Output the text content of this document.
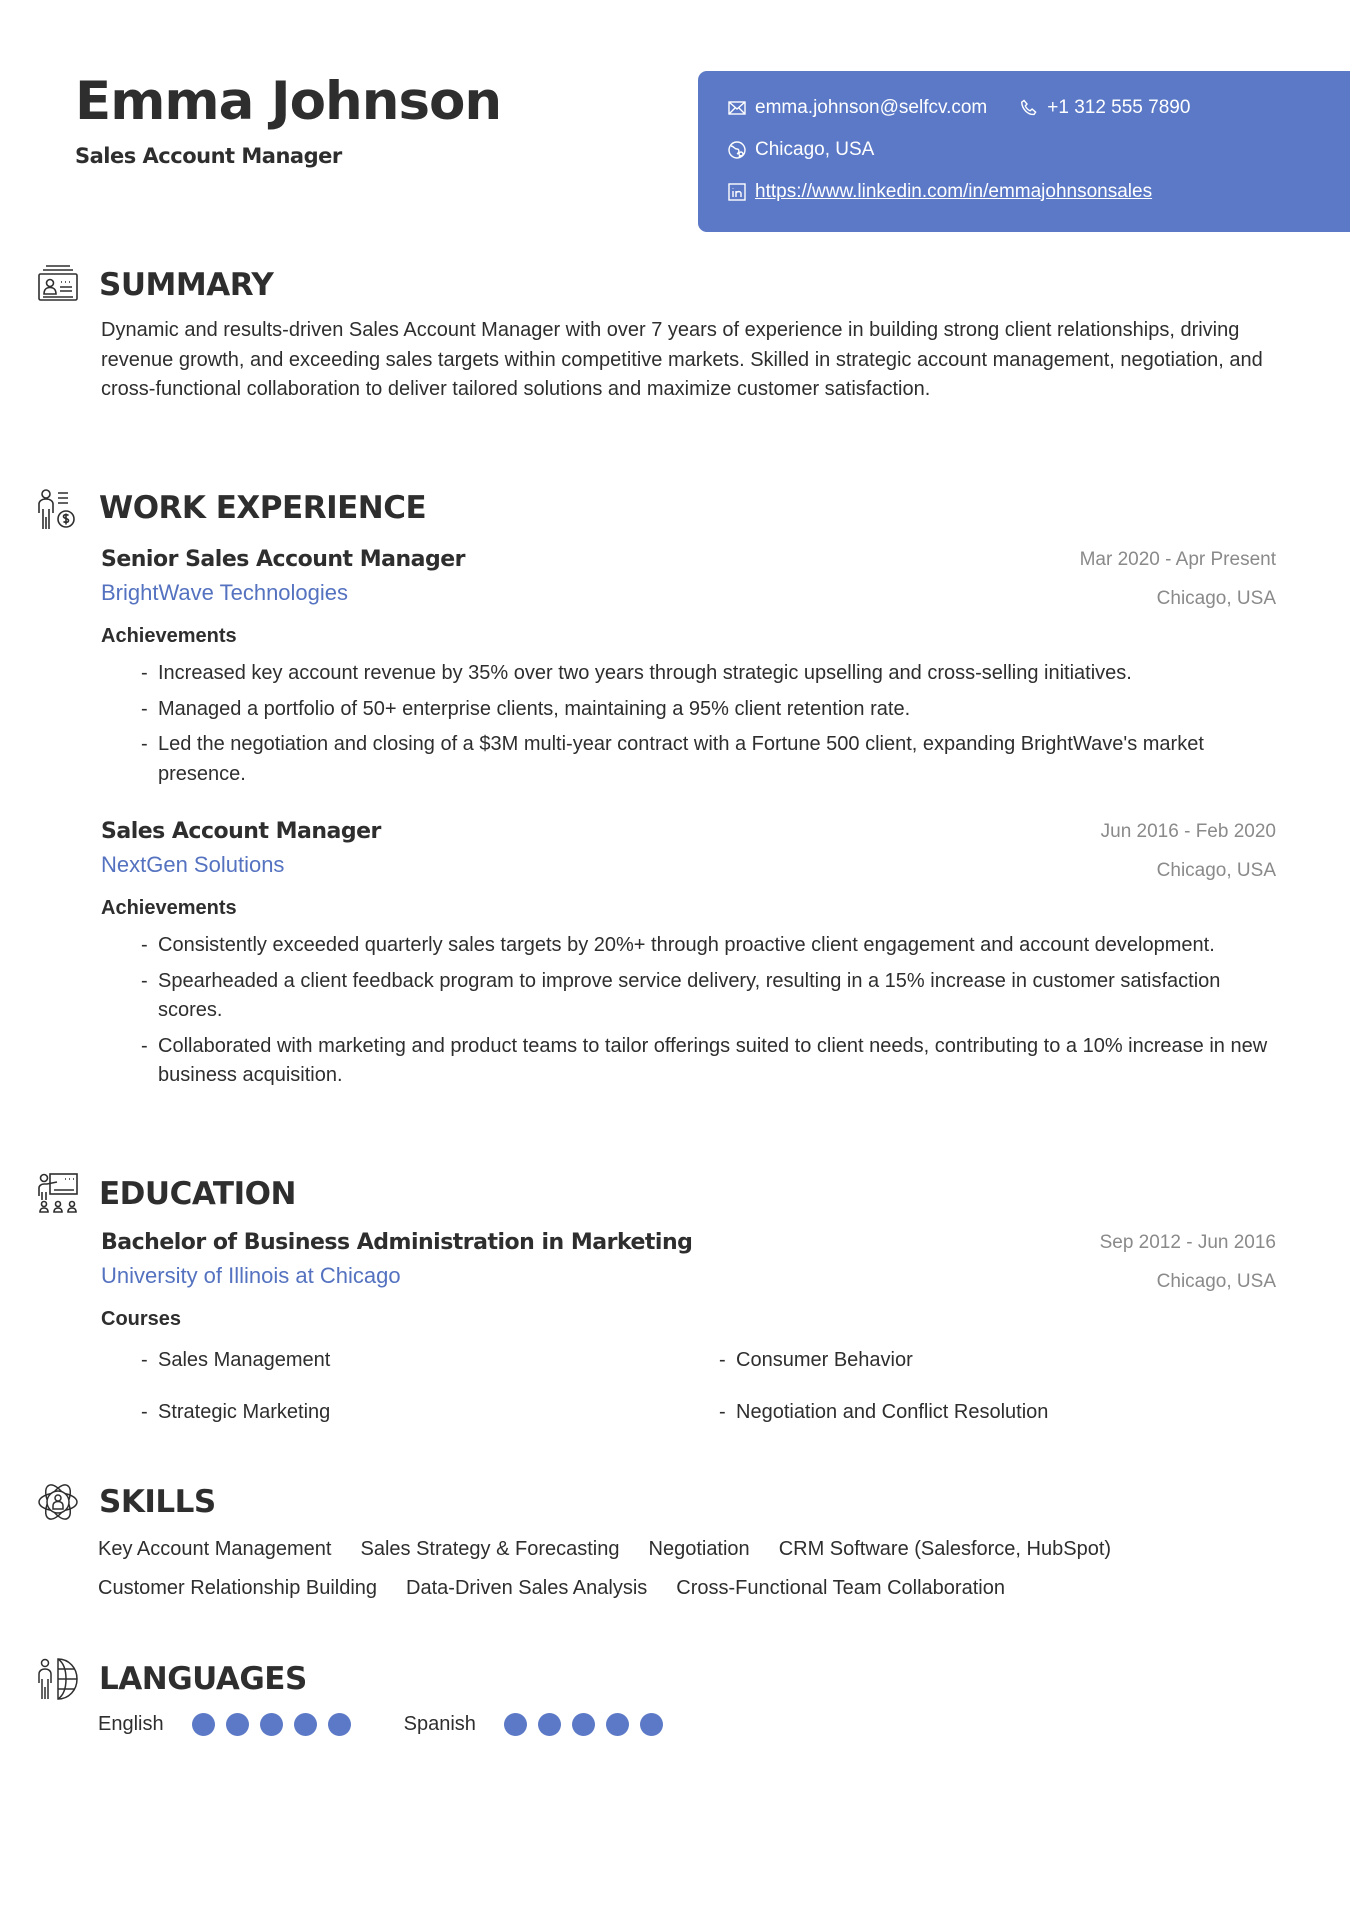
Emma Johnson
Sales Account Manager
emma.johnson@selfcv.com	+1 312 555 7890
Chicago, USA
https://www.linkedin.com/in/emmajohnsonsales
SUMMARY
Dynamic and results-driven Sales Account Manager with over 7 years of experience in building strong client relationships, driving revenue growth, and exceeding sales targets within competitive markets. Skilled in strategic account management, negotiation, and cross-functional collaboration to deliver tailored solutions and maximize customer satisfaction.
WORK EXPERIENCE
Senior Sales Account Manager
BrightWave Technologies
Mar 2020 - Apr Present
Chicago, USA
Achievements
- Increased key account revenue by 35% over two years through strategic upselling and cross-selling initiatives.
- Managed a portfolio of 50+ enterprise clients, maintaining a 95% client retention rate.
- Led the negotiation and closing of a $3M multi-year contract with a Fortune 500 client, expanding BrightWave's market presence.
Sales Account Manager
NextGen Solutions
Jun 2016 - Feb 2020
Chicago, USA
Achievements
- Consistently exceeded quarterly sales targets by 20%+ through proactive client engagement and account development.
- Spearheaded a client feedback program to improve service delivery, resulting in a 15% increase in customer satisfaction scores.
- Collaborated with marketing and product teams to tailor offerings suited to client needs, contributing to a 10% increase in new business acquisition.
EDUCATION
Bachelor of Business Administration in Marketing
University of Illinois at Chicago
Sep 2012 - Jun 2016
Chicago, USA
Courses
- Sales Management	- Consumer Behavior
- Strategic Marketing	- Negotiation and Conflict Resolution
SKILLS
Key Account Management Sales Strategy & Forecasting Negotiation CRM Software (Salesforce, HubSpot)
Customer Relationship Building Data-Driven Sales Analysis Cross-Functional Team Collaboration
LANGUAGES
English	Spanish
